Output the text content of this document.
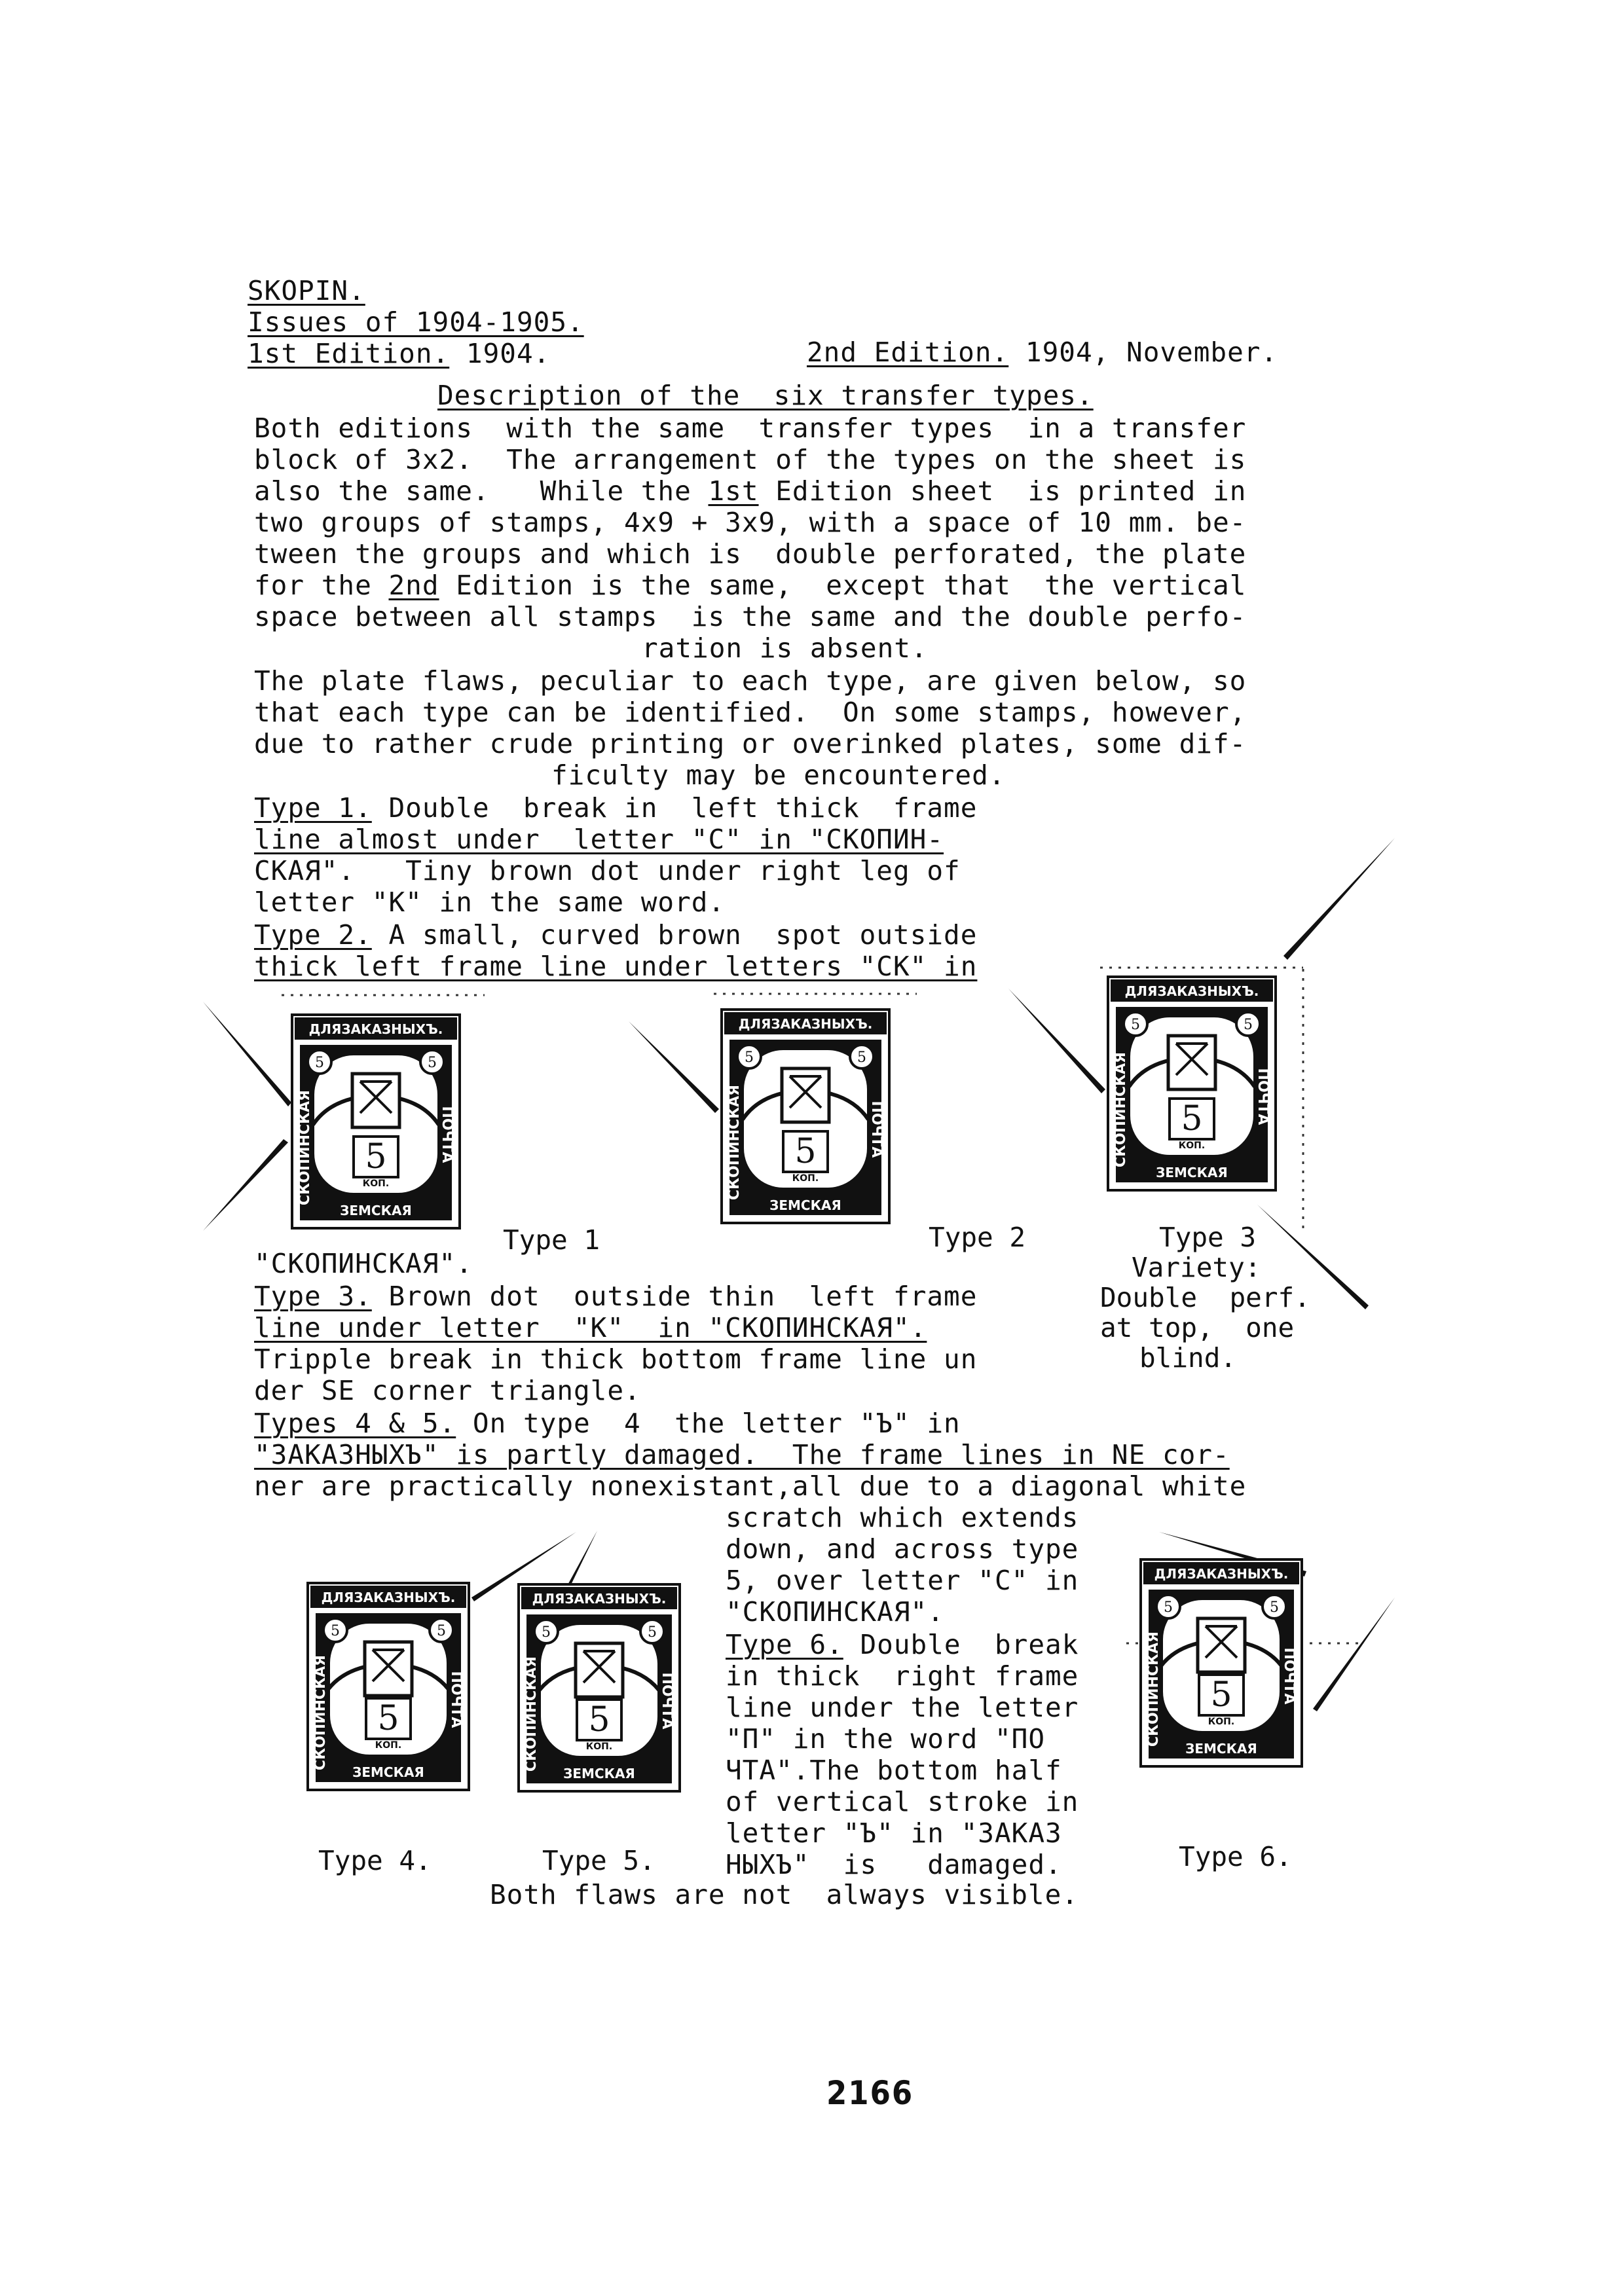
SKOPIN.
Issues of 1904-1905.
1st Edition. 1904.	2nd Edition. 1904, November.
Description of the  six transfer types.
Both editions  with the same  transfer types  in a transfer
block of 3x2.  The arrangement of the types on the sheet is
also the same.   While the 1st Edition sheet  is printed in
two groups of stamps, 4x9 + 3x9, with a space of 10 mm. be-
tween the groups and which is  double perforated, the plate
for the 2nd Edition is the same,  except that  the vertical
space between all stamps  is the same and the double perfo-
ration is absent.
The plate flaws, peculiar to each type, are given below, so
that each type can be identified.  On some stamps, however,
due to rather crude printing or overinked plates, some dif-
ficulty may be encountered.
Type 1. Double  break in  left thick  frame
line almost under  letter "C" in "СКОПИН-
СКАЯ".   Tiny brown dot under right leg of
letter "K" in the same word.
Type 2. A small, curved brown  spot outside
thick left frame line under letters "CK" in
"СКОПИНСКАЯ".
ДЛЯЗАКАЗНЫХЪ.
5	5
5
КОП.
СКОПИНСКАЯ	ПОЧТА
ЗЕМСКАЯ
ДЛЯЗАКАЗНЫХЪ.
5	5
5
КОП.
СКОПИНСКАЯ	ПОЧТА
ЗЕМСКАЯ
ДЛЯЗАКАЗНЫХЪ.
5	5
5
КОП.
СКОПИНСКАЯ	ПОЧТА
ЗЕМСКАЯ
Type 1	Type 2	Type 3
Variety:
Double  perf.
at top,  one
blind.
Type 3. Brown dot  outside thin  left frame
line under letter  "K"  in "СКОПИНСКАЯ".
Tripple break in thick bottom frame line un
der SE corner triangle.
Types 4 & 5. On type  4  the letter "Ъ" in
"ЗАКАЗНЫХЪ" is partly damaged.  The frame lines in NE cor-
ner are practically nonexistant,all due to a diagonal white
scratch which extends
down, and across type
5, over letter "C" in
"СКОПИНСКАЯ".
Type 6. Double  break
in thick  right frame
line under the letter
"П" in the word "ПО
ЧТА".The bottom half
of vertical stroke in
letter "Ъ" in "ЗАКАЗ
НЫХЪ"  is   damaged.
ДЛЯЗАКАЗНЫХЪ.
5	5
5
КОП.
СКОПИНСКАЯ	ПОЧТА
ЗЕМСКАЯ
ДЛЯЗАКАЗНЫХЪ.
5	5
5
КОП.
СКОПИНСКАЯ	ПОЧТА
ЗЕМСКАЯ
ДЛЯЗАКАЗНЫХЪ.
5	5
5
КОП.
СКОПИНСКАЯ	ПОЧТА
ЗЕМСКАЯ
Type 4.	Type 5.	Type 6.
Both flaws are not  always visible.
2166
